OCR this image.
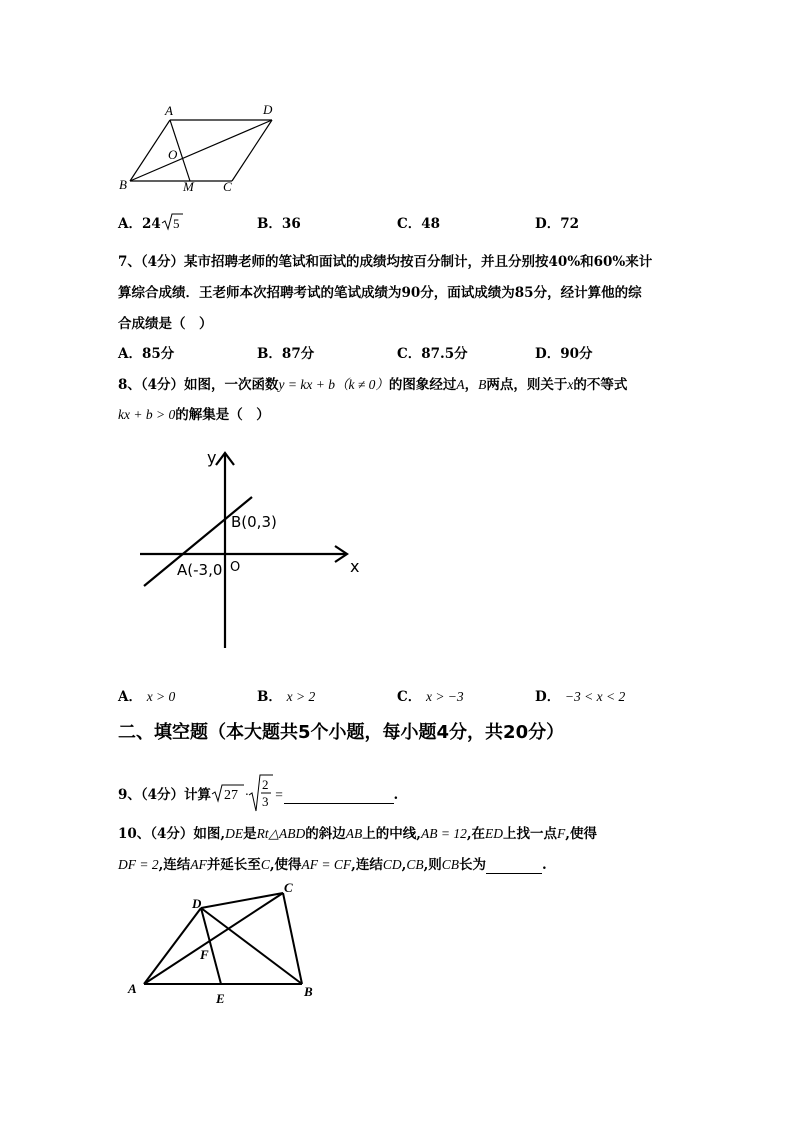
A	D
O
B	M C
A．24 5	B．36	C．48	D．72
7、（4分）某市招聘老师的笔试和面试的成绩均按百分制计，并且分别按40%和60%来计
算综合成绩．王老师本次招聘考试的笔试成绩为90分，面试成绩为85分，经计算他的综
合成绩是（　）
A．85分	B．87分	C．87.5分	D．90分
8、（4分）如图，一次函数y = kx + b（k ≠ 0）的图象经过A，B两点，则关于x的不等式
kx + b > 0的解集是（　）
y
x
O
B(0,3)
A(-3,0
A． x > 0	B． x > 2	C． x > −3	D． −3 < x < 2
二、填空题（本大题共5个小题，每小题4分，共20分）
9、（4分）计算 27 ·
2
3 =	.
10、（4分）如图,DE是Rt△ABD的斜边AB上的中线,AB = 12,在ED上找一点F,使得
DF = 2,连结AF并延长至C,使得AF = CF,连结CD,CB,则CB长为	.
D
C
F
A
E	B
